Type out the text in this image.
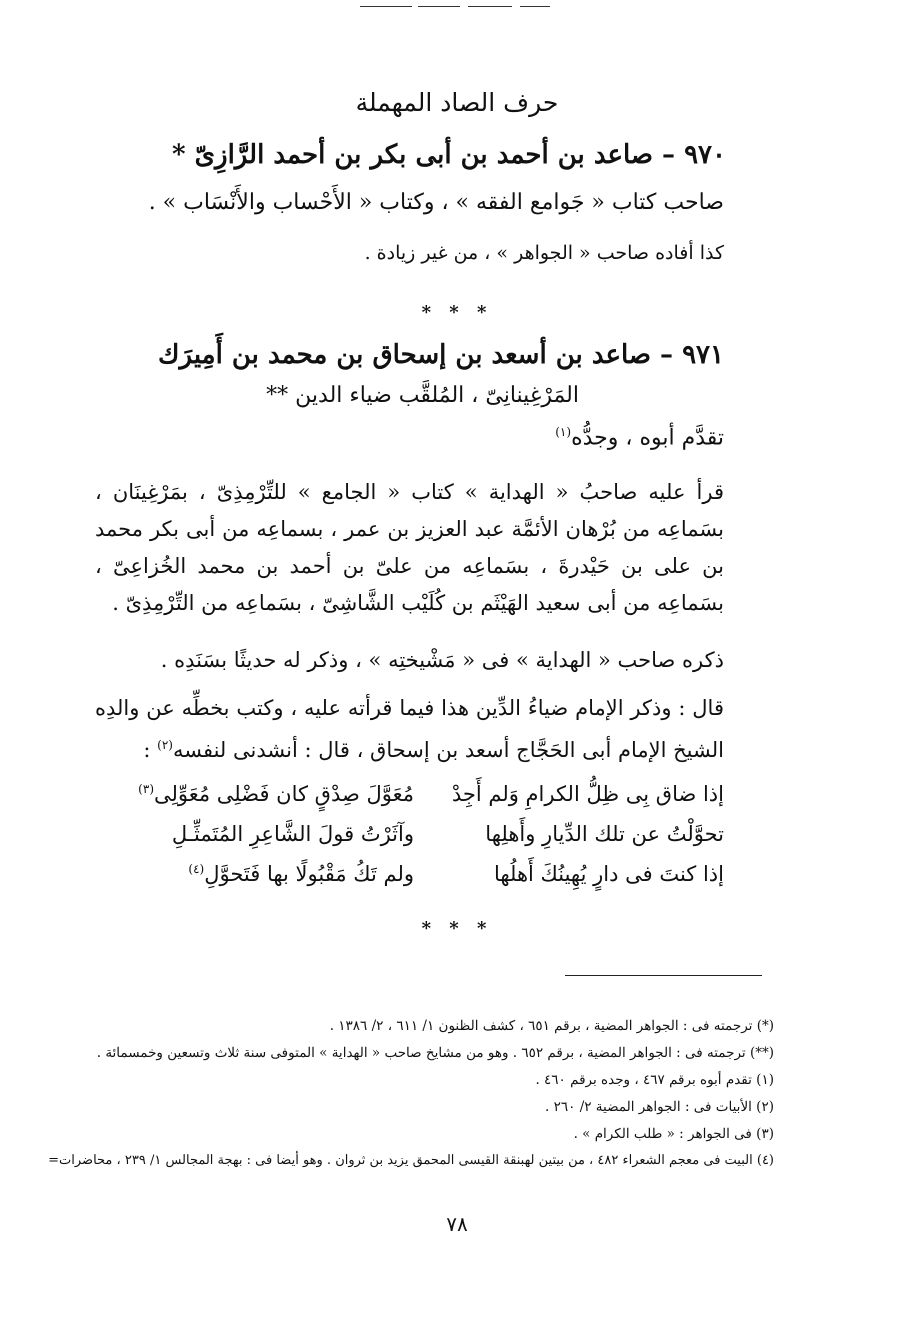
حرف الصاد المهملة
٩٧٠ – صاعد بن أحمد بن أبى بكر بن أحمد الرَّازِىّ *
صاحب كتاب « جَوامع الفقه » ، وكتاب « الأَحْساب والأَنْسَاب » .
كذا أفاده صاحب « الجواهر » ، من غير زيادة .
* * *
٩٧١ – صاعد بن أسعد بن إسحاق بن محمد بن أَمِيرَك
المَرْغِينانِىّ ، المُلقَّب ضياء الدين **
تقدَّم أبوه ، وجدُّه$^{(١)}$
قرأ عليه صاحبُ « الهداية » كتاب « الجامع » للتِّرْمِذِىّ ، بمَرْغِينَان ، بسَماعِه من بُرْهان الأئمَّة عبد العزيز بن عمر ، بسماعِه من أبى بكر محمد بن على بن حَيْدرةَ ، بسَماعِه من علىّ بن أحمد بن محمد الخُزاعِىّ ، بسَماعِه من أبى سعيد الهَيْثَم بن كُلَيْب الشَّاشِىّ ، بسَماعِه من التِّرْمِذِىّ .
ذكره صاحب « الهداية » فى « مَشْيختِه » ، وذكر له حديثًا بسَنَدِه .
قال : وذكر الإمام ضياءُ الدِّين هذا فيما قرأته عليه ، وكتب بخطِّه عن والدِه الشيخ الإمام أبى الحَجَّاج أسعد بن إسحاق ، قال : أنشدنى لنفسه$^{(٢)}$ :
إذا ضاق بِى ظِلُّ الكرامِ وَلم أَجِدْ
مُعَوَّلَ صِدْقٍ كان فَضْلِى مُعَوِّلِى$^{(٣)}$
تحوَّلْتُ عن تلك الدِّيارِ وأَهلِها
وآثَرْتُ قولَ الشَّاعِرِ المُتَمثِّـلِ
إذا كنتَ فى دارٍ يُهِينُكَ أَهلُها
ولم تَكُ مَقْبُولًا بها فَتَحوَّلِ$^{(٤)}$
* * *
(*) ترجمته فى : الجواهر المضية ، برقم ٦٥١ ، كشف الظنون ١/ ٦١١ ، ٢/ ١٣٨٦ .
(**) ترجمته فى : الجواهر المضية ، برقم ٦٥٢ . وهو من مشايخ صاحب « الهداية » المتوفى سنة ثلاث وتسعين وخمسمائة .
(١) تقدم أبوه برقم ٤٦٧ ، وجده برقم ٤٦٠ .
(٢) الأبيات فى : الجواهر المضية ٢/ ٢٦٠ .
(٣) فى الجواهر : « طلب الكرام » .
(٤) البيت فى معجم الشعراء ٤٨٢ ، من بيتين لهبنقة القيسى المحمق يزيد بن ثروان . وهو أيضا فى : بهجة المجالس ١/ ٢٣٩ ، محاضرات=
٧٨
